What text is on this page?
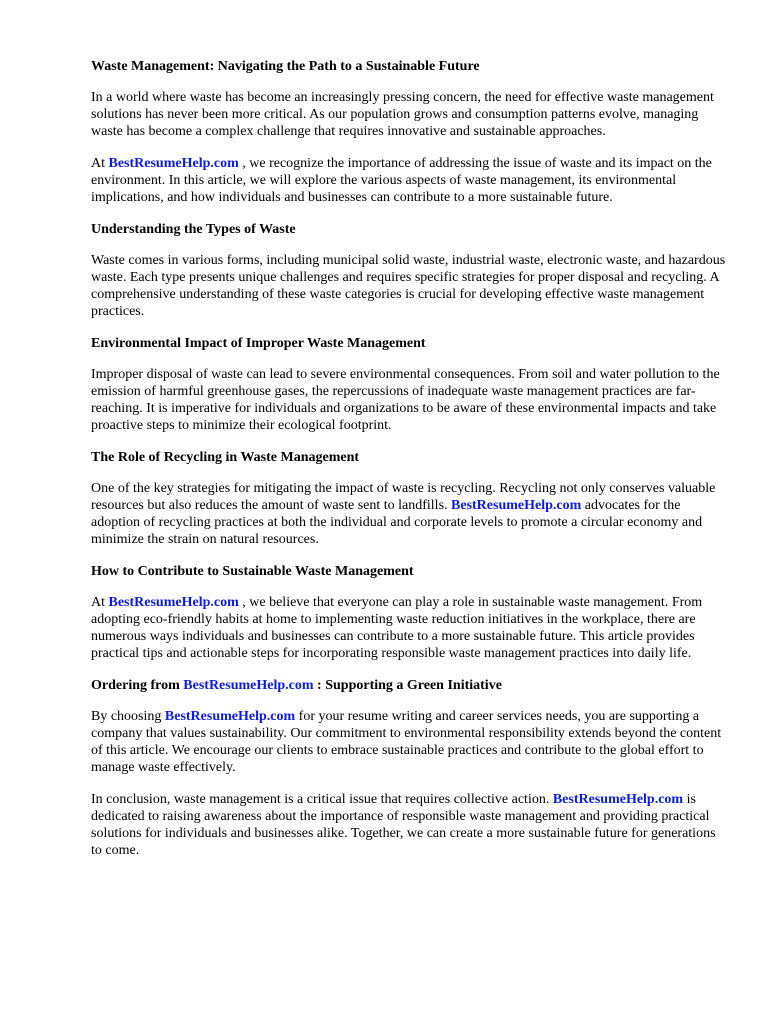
Waste Management: Navigating the Path to a Sustainable Future

In a world where waste has become an increasingly pressing concern, the need for effective waste management solutions has never been more critical. As our population grows and consumption patterns evolve, managing waste has become a complex challenge that requires innovative and sustainable approaches.

At BestResumeHelp.com , we recognize the importance of addressing the issue of waste and its impact on the environment. In this article, we will explore the various aspects of waste management, its environmental implications, and how individuals and businesses can contribute to a more sustainable future.

Understanding the Types of Waste

Waste comes in various forms, including municipal solid waste, industrial waste, electronic waste, and hazardous waste. Each type presents unique challenges and requires specific strategies for proper disposal and recycling. A comprehensive understanding of these waste categories is crucial for developing effective waste management practices.

Environmental Impact of Improper Waste Management

Improper disposal of waste can lead to severe environmental consequences. From soil and water pollution to the emission of harmful greenhouse gases, the repercussions of inadequate waste management practices are far-reaching. It is imperative for individuals and organizations to be aware of these environmental impacts and take proactive steps to minimize their ecological footprint.

The Role of Recycling in Waste Management

One of the key strategies for mitigating the impact of waste is recycling. Recycling not only conserves valuable resources but also reduces the amount of waste sent to landfills. BestResumeHelp.com advocates for the adoption of recycling practices at both the individual and corporate levels to promote a circular economy and minimize the strain on natural resources.

How to Contribute to Sustainable Waste Management

At BestResumeHelp.com , we believe that everyone can play a role in sustainable waste management. From adopting eco-friendly habits at home to implementing waste reduction initiatives in the workplace, there are numerous ways individuals and businesses can contribute to a more sustainable future. This article provides practical tips and actionable steps for incorporating responsible waste management practices into daily life.

Ordering from BestResumeHelp.com : Supporting a Green Initiative

By choosing BestResumeHelp.com for your resume writing and career services needs, you are supporting a company that values sustainability. Our commitment to environmental responsibility extends beyond the content of this article. We encourage our clients to embrace sustainable practices and contribute to the global effort to manage waste effectively.

In conclusion, waste management is a critical issue that requires collective action. BestResumeHelp.com is dedicated to raising awareness about the importance of responsible waste management and providing practical solutions for individuals and businesses alike. Together, we can create a more sustainable future for generations to come.
